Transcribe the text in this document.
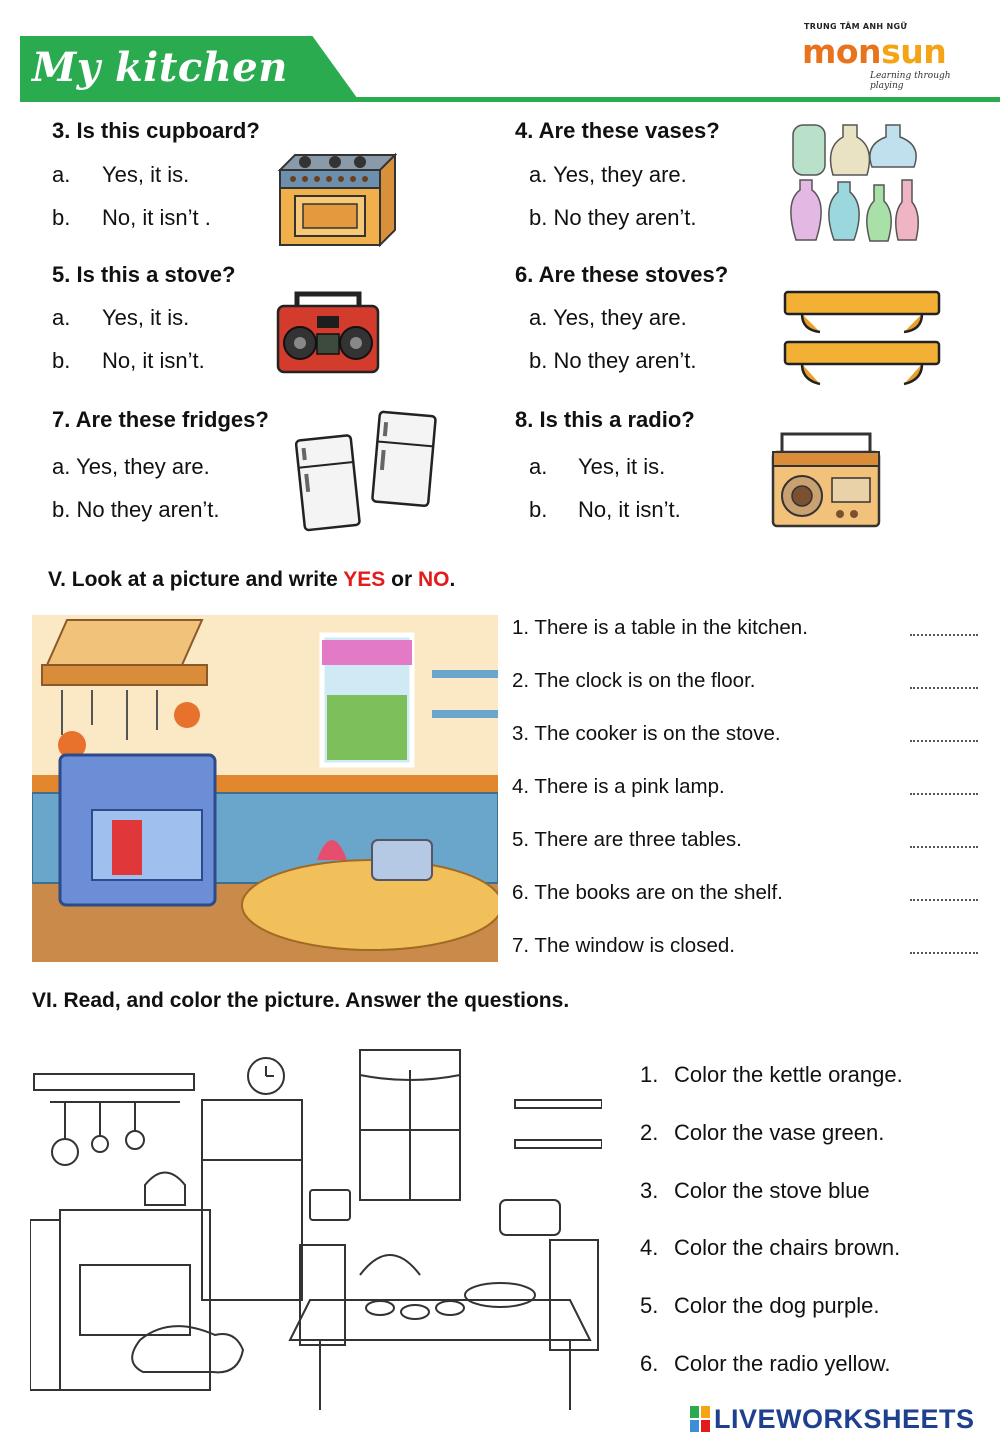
My kitchen
TRUNG TÂM ANH NGỮ
monsun
Learning through playing
3. Is this cupboard?
a. Yes, it is.
b. No, it isn’t .
4. Are these vases?
a. Yes, they are.
b. No they aren’t.
5. Is this a stove?
a. Yes, it is.
b. No, it isn’t.
6. Are these stoves?
a. Yes, they are.
b. No they aren’t.
7. Are these fridges?
a. Yes, they are.
b. No they aren’t.
8. Is this a radio?
a. Yes, it is.
b. No, it isn’t.
V. Look at a picture and write YES or NO.
1. There is a table in the kitchen.
2. The clock is on the floor.
3. The cooker is on the stove.
4. There is a pink lamp.
5. There are three tables.
6. The books are on the shelf.
7. The window is closed.
VI. Read, and color the picture. Answer the questions.
1. Color the kettle orange.
2. Color the vase green.
3. Color the stove blue
4. Color the chairs brown.
5. Color the dog purple.
6. Color the radio yellow.
LIVEWORKSHEETS
